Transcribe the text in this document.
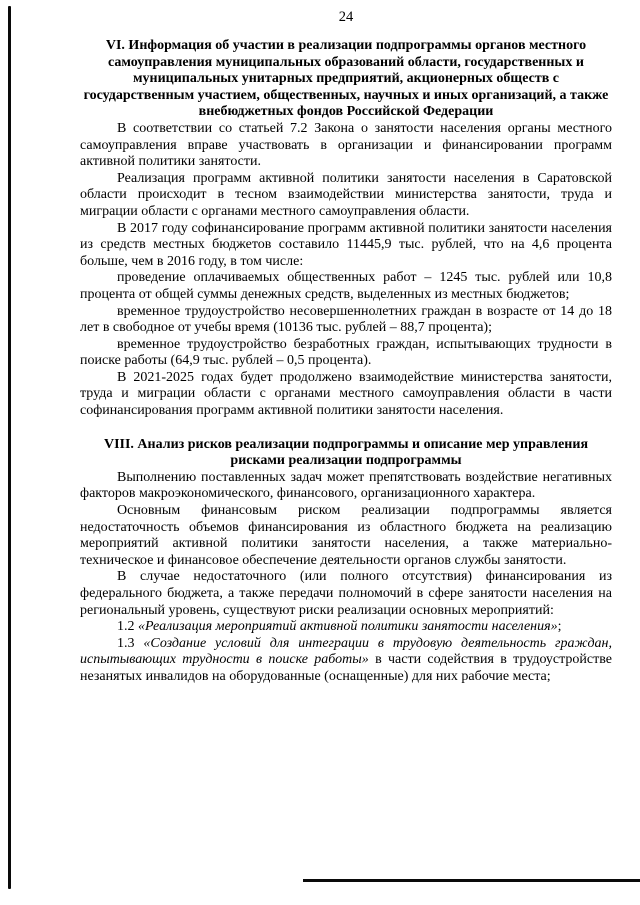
24
VI. Информация об участии в реализации подпрограммы органов местного самоуправления муниципальных образований области, государственных и муниципальных унитарных предприятий, акционерных обществ с государственным участием, общественных, научных и иных организаций, а также внебюджетных фондов Российской Федерации
В соответствии со статьей 7.2 Закона о занятости населения органы местного самоуправления вправе участвовать в организации и финансировании программ активной политики занятости.
Реализация программ активной политики занятости населения в Саратовской области происходит в тесном взаимодействии министерства занятости, труда и миграции области с органами местного самоуправления области.
В 2017 году софинансирование программ активной политики занятости населения из средств местных бюджетов составило 11445,9 тыс. рублей, что на 4,6 процента больше, чем в 2016 году, в том числе:
проведение оплачиваемых общественных работ – 1245 тыс. рублей или 10,8 процента от общей суммы денежных средств, выделенных из местных бюджетов;
временное трудоустройство несовершеннолетних граждан в возрасте от 14 до 18 лет в свободное от учебы время (10136 тыс. рублей – 88,7 процента);
временное трудоустройство безработных граждан, испытывающих трудности в поиске работы (64,9 тыс. рублей – 0,5 процента).
В 2021-2025 годах будет продолжено взаимодействие министерства занятости, труда и миграции области с органами местного самоуправления области в части софинансирования программ активной политики занятости населения.
VIII. Анализ рисков реализации подпрограммы и описание мер управления рисками реализации подпрограммы
Выполнению поставленных задач может препятствовать воздействие негативных факторов макроэкономического, финансового, организационного характера.
Основным финансовым риском реализации подпрограммы является недостаточность объемов финансирования из областного бюджета на реализацию мероприятий активной политики занятости населения, а также материально-техническое и финансовое обеспечение деятельности органов службы занятости.
В случае недостаточного (или полного отсутствия) финансирования из федерального бюджета, а также передачи полномочий в сфере занятости населения на региональный уровень, существуют риски реализации основных мероприятий:
1.2 «Реализация мероприятий активной политики занятости населения»;
1.3 «Создание условий для интеграции в трудовую деятельность граждан, испытывающих трудности в поиске работы» в части содействия в трудоустройстве незанятых инвалидов на оборудованные (оснащенные) для них рабочие места;
